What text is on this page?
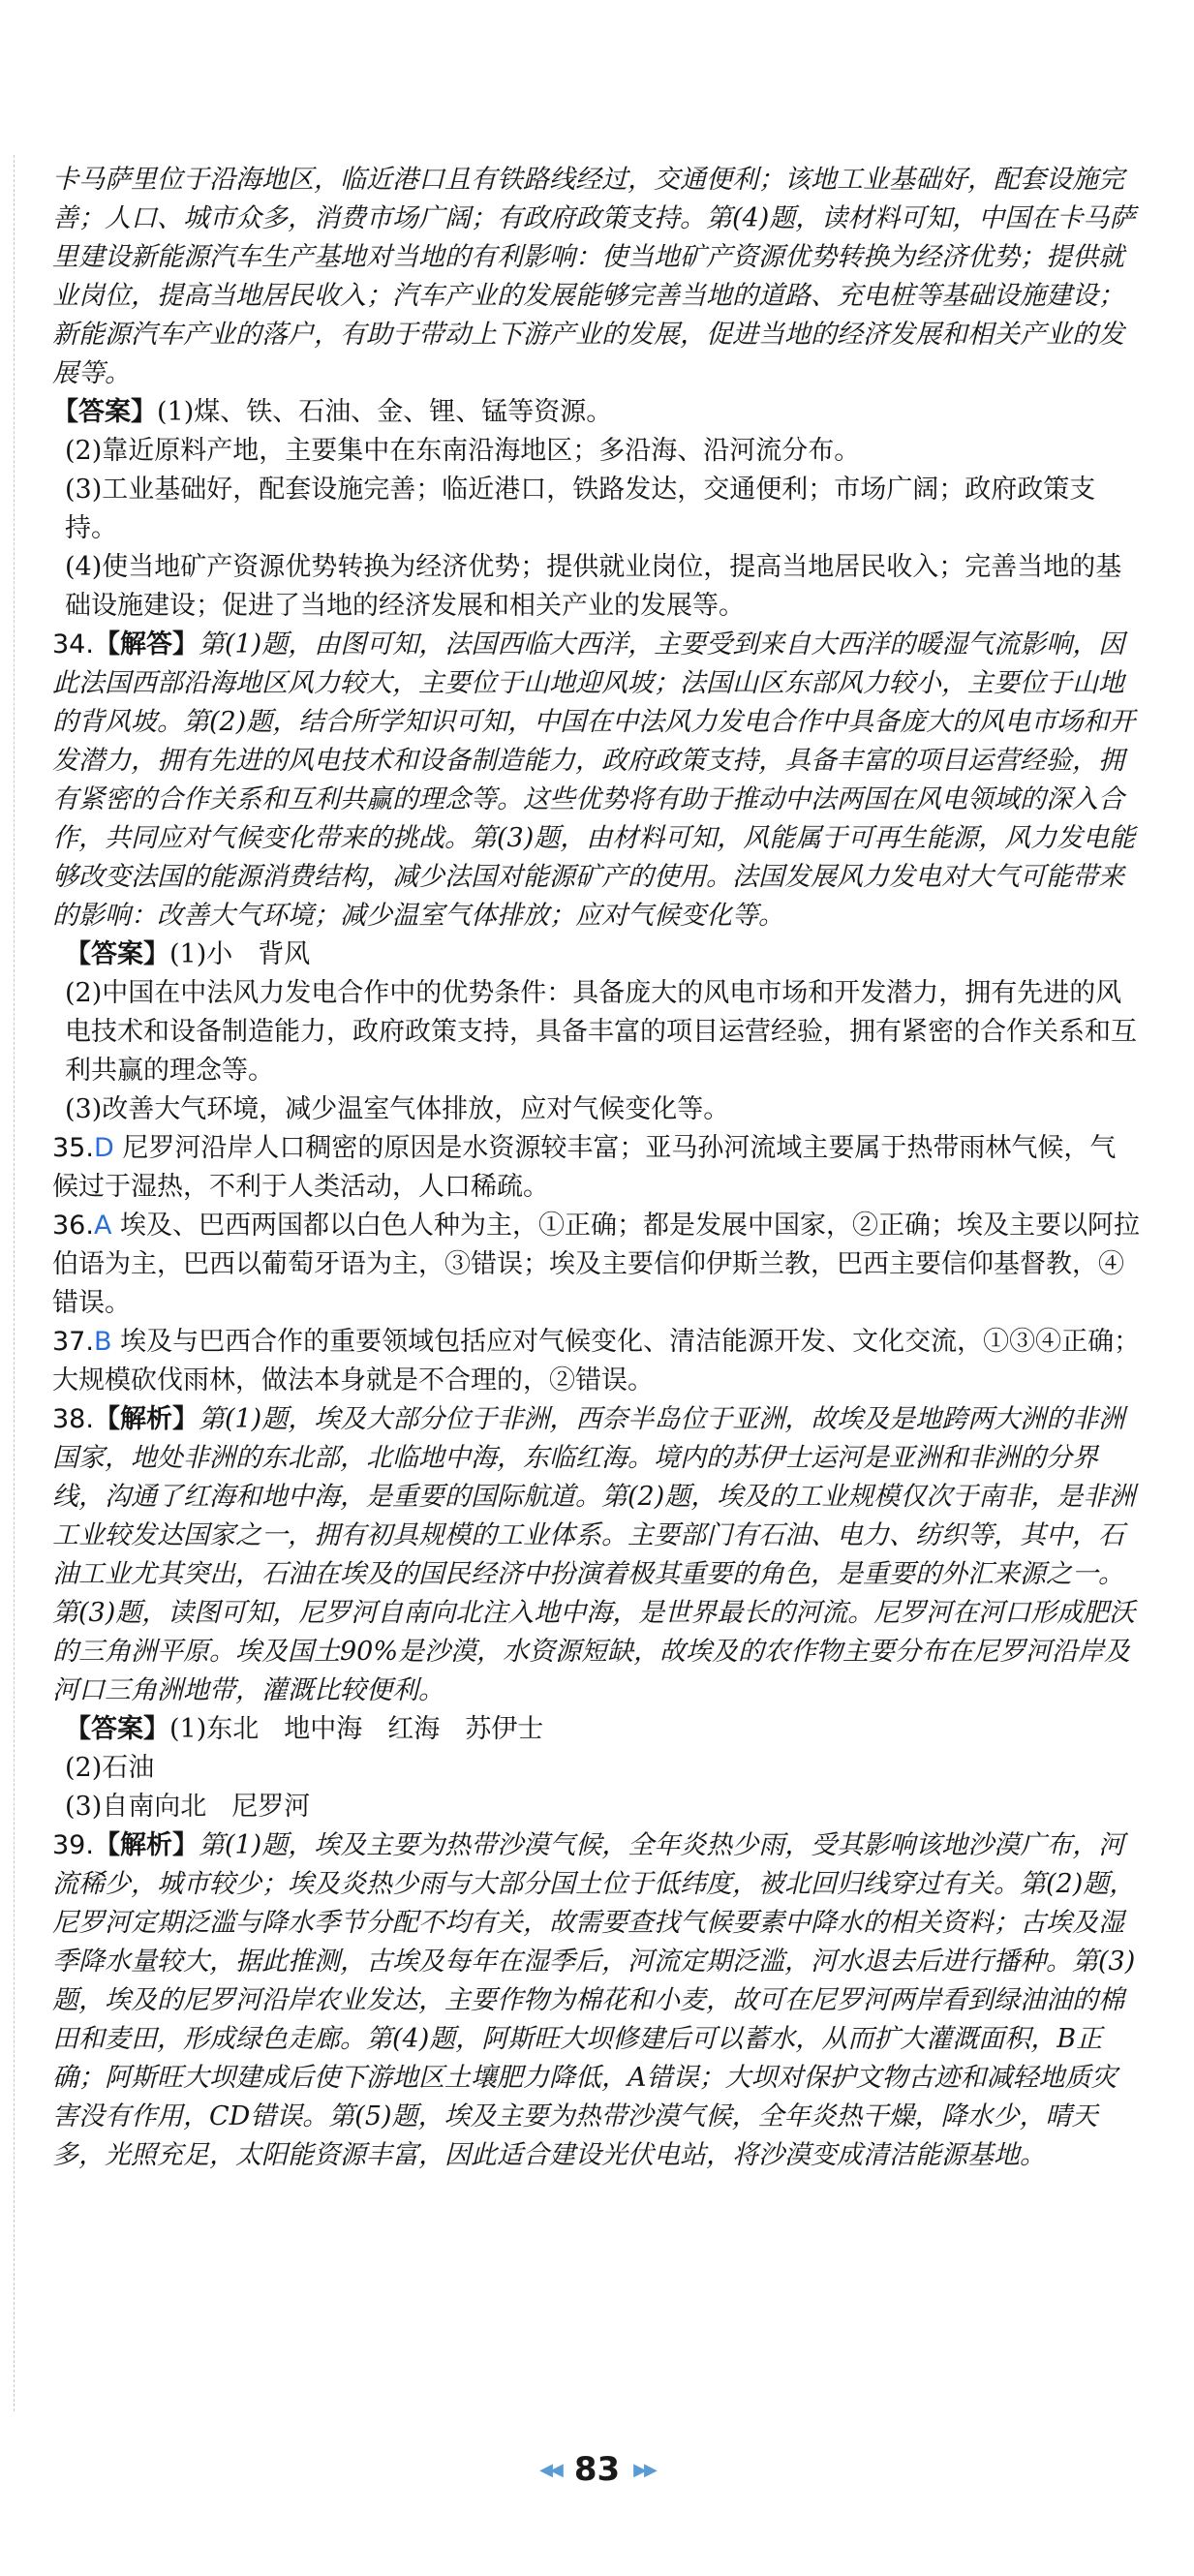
卡马萨里位于沿海地区，临近港口且有铁路线经过，交通便利；该地工业基础好，配套设施完善；人口、城市众多，消费市场广阔；有政府政策支持。第(4)题，读材料可知，中国在卡马萨里建设新能源汽车生产基地对当地的有利影响：使当地矿产资源优势转换为经济优势；提供就业岗位，提高当地居民收入；汽车产业的发展能够完善当地的道路、充电桩等基础设施建设；新能源汽车产业的落户，有助于带动上下游产业的发展，促进当地的经济发展和相关产业的发展等。

【答案】(1)煤、铁、石油、金、锂、锰等资源。

(2)靠近原料产地，主要集中在东南沿海地区；多沿海、沿河流分布。

(3)工业基础好，配套设施完善；临近港口，铁路发达，交通便利；市场广阔；政府政策支持。

(4)使当地矿产资源优势转换为经济优势；提供就业岗位，提高当地居民收入；完善当地的基础设施建设；促进了当地的经济发展和相关产业的发展等。

34.【解答】第(1)题，由图可知，法国西临大西洋，主要受到来自大西洋的暖湿气流影响，因此法国西部沿海地区风力较大，主要位于山地迎风坡；法国山区东部风力较小，主要位于山地的背风坡。第(2)题，结合所学知识可知，中国在中法风力发电合作中具备庞大的风电市场和开发潜力，拥有先进的风电技术和设备制造能力，政府政策支持，具备丰富的项目运营经验，拥有紧密的合作关系和互利共赢的理念等。这些优势将有助于推动中法两国在风电领域的深入合作，共同应对气候变化带来的挑战。第(3)题，由材料可知，风能属于可再生能源，风力发电能够改变法国的能源消费结构，减少法国对能源矿产的使用。法国发展风力发电对大气可能带来的影响：改善大气环境；减少温室气体排放；应对气候变化等。

【答案】(1)小 背风

(2)中国在中法风力发电合作中的优势条件：具备庞大的风电市场和开发潜力，拥有先进的风电技术和设备制造能力，政府政策支持，具备丰富的项目运营经验，拥有紧密的合作关系和互利共赢的理念等。

(3)改善大气环境，减少温室气体排放，应对气候变化等。

35.D 尼罗河沿岸人口稠密的原因是水资源较丰富；亚马孙河流域主要属于热带雨林气候，气候过于湿热，不利于人类活动，人口稀疏。

36.A 埃及、巴西两国都以白色人种为主，①正确；都是发展中国家，②正确；埃及主要以阿拉伯语为主，巴西以葡萄牙语为主，③错误；埃及主要信仰伊斯兰教，巴西主要信仰基督教，④错误。

37.B 埃及与巴西合作的重要领域包括应对气候变化、清洁能源开发、文化交流，①③④正确；大规模砍伐雨林，做法本身就是不合理的，②错误。

38.【解析】第(1)题，埃及大部分位于非洲，西奈半岛位于亚洲，故埃及是地跨两大洲的非洲国家，地处非洲的东北部，北临地中海，东临红海。境内的苏伊士运河是亚洲和非洲的分界线，沟通了红海和地中海，是重要的国际航道。第(2)题，埃及的工业规模仅次于南非，是非洲工业较发达国家之一，拥有初具规模的工业体系。主要部门有石油、电力、纺织等，其中，石油工业尤其突出，石油在埃及的国民经济中扮演着极其重要的角色，是重要的外汇来源之一。第(3)题，读图可知，尼罗河自南向北注入地中海，是世界最长的河流。尼罗河在河口形成肥沃的三角洲平原。埃及国土90%是沙漠，水资源短缺，故埃及的农作物主要分布在尼罗河沿岸及河口三角洲地带，灌溉比较便利。

【答案】(1)东北 地中海 红海 苏伊士

(2)石油

(3)自南向北 尼罗河

39.【解析】第(1)题，埃及主要为热带沙漠气候，全年炎热少雨，受其影响该地沙漠广布，河流稀少，城市较少；埃及炎热少雨与大部分国土位于低纬度，被北回归线穿过有关。第(2)题，尼罗河定期泛滥与降水季节分配不均有关，故需要查找气候要素中降水的相关资料；古埃及湿季降水量较大，据此推测，古埃及每年在湿季后，河流定期泛滥，河水退去后进行播种。第(3)题，埃及的尼罗河沿岸农业发达，主要作物为棉花和小麦，故可在尼罗河两岸看到绿油油的棉田和麦田，形成绿色走廊。第(4)题，阿斯旺大坝修建后可以蓄水，从而扩大灌溉面积，B正确；阿斯旺大坝建成后使下游地区土壤肥力降低，A错误；大坝对保护文物古迹和减轻地质灾害没有作用，CD错误。第(5)题，埃及主要为热带沙漠气候，全年炎热干燥，降水少，晴天多，光照充足，太阳能资源丰富，因此适合建设光伏电站，将沙漠变成清洁能源基地。

◀◀ 83 ▶▶
